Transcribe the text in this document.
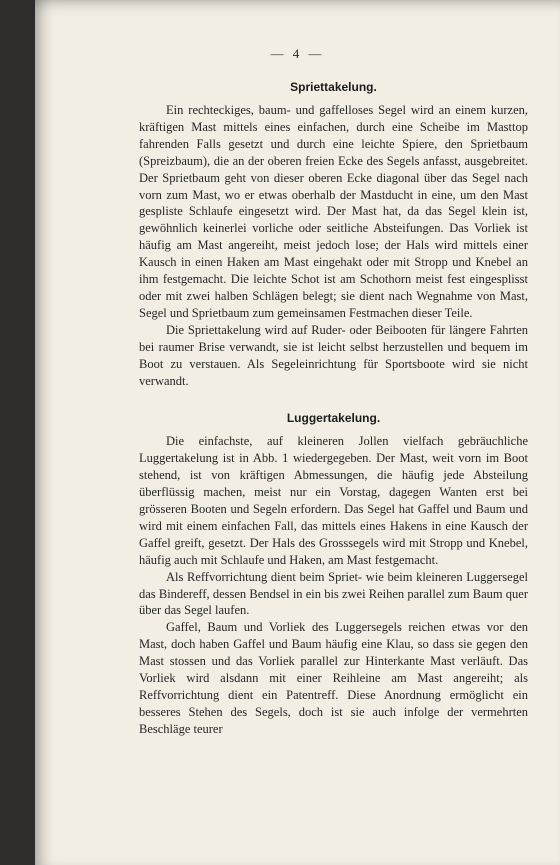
— 4 —
Spriettakelung.

Ein rechteckiges, baum- und gaffelloses Segel wird an einem kurzen, kräftigen Mast mittels eines einfachen, durch eine Scheibe im Masttop fahrenden Falls gesetzt und durch eine leichte Spiere, den Sprietbaum (Spreizbaum), die an der oberen freien Ecke des Segels anfasst, ausgebreitet. Der Sprietbaum geht von dieser oberen Ecke diagonal über das Segel nach vorn zum Mast, wo er etwas oberhalb der Mastducht in eine, um den Mast gespliste Schlaufe eingesetzt wird. Der Mast hat, da das Segel klein ist, gewöhnlich keinerlei vorliche oder seitliche Absteifungen. Das Vorliek ist häufig am Mast angereiht, meist jedoch lose; der Hals wird mittels einer Kausch in einen Haken am Mast eingehakt oder mit Stropp und Knebel an ihm festgemacht. Die leichte Schot ist am Schothorn meist fest eingesplisst oder mit zwei halben Schlägen belegt; sie dient nach Wegnahme von Mast, Segel und Sprietbaum zum gemeinsamen Festmachen dieser Teile.

Die Spriettakelung wird auf Ruder- oder Beibooten für längere Fahrten bei raumer Brise verwandt, sie ist leicht selbst herzustellen und bequem im Boot zu verstauen. Als Segeleinrichtung für Sportsboote wird sie nicht verwandt.

Luggertakelung.

Die einfachste, auf kleineren Jollen vielfach gebräuchliche Luggertakelung ist in Abb. 1 wiedergegeben. Der Mast, weit vorn im Boot stehend, ist von kräftigen Abmessungen, die häufig jede Absteilung überflüssig machen, meist nur ein Vorstag, dagegen Wanten erst bei grösseren Booten und Segeln erfordern. Das Segel hat Gaffel und Baum und wird mit einem einfachen Fall, das mittels eines Hakens in eine Kausch der Gaffel greift, gesetzt. Der Hals des Grosssegels wird mit Stropp und Knebel, häufig auch mit Schlaufe und Haken, am Mast festgemacht.

Als Reffvorrichtung dient beim Spriet- wie beim kleineren Luggersegel das Bindereff, dessen Bendsel in ein bis zwei Reihen parallel zum Baum quer über das Segel laufen.

Gaffel, Baum und Vorliek des Luggersegels reichen etwas vor den Mast, doch haben Gaffel und Baum häufig eine Klau, so dass sie gegen den Mast stossen und das Vorliek parallel zur Hinterkante Mast verläuft. Das Vorliek wird alsdann mit einer Reihleine am Mast angereiht; als Reffvorrichtung dient ein Patentreff. Diese Anordnung ermöglicht ein besseres Stehen des Segels, doch ist sie auch infolge der vermehrten Beschläge teurer
